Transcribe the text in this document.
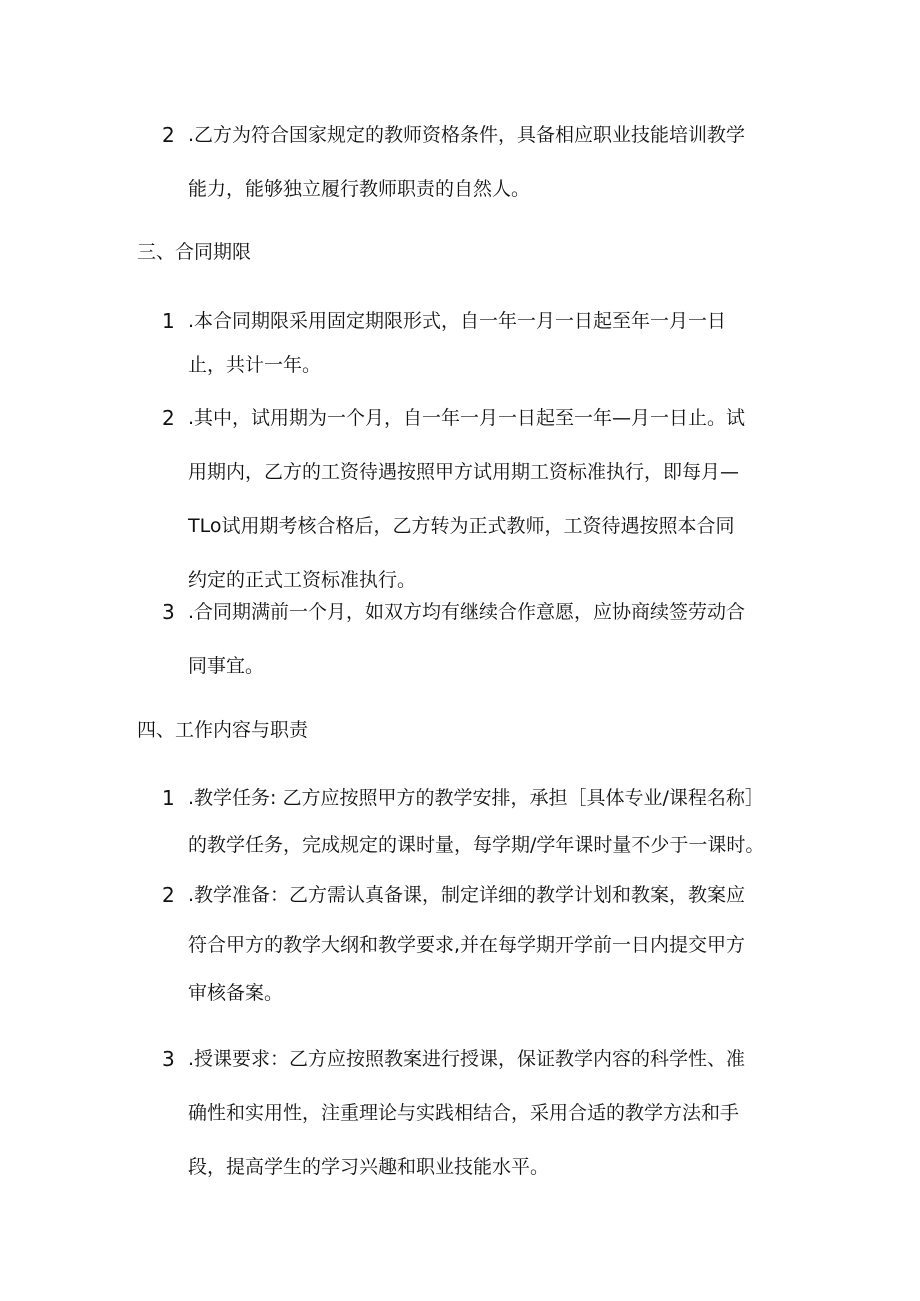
2 .乙方为符合国家规定的教师资格条件，具备相应职业技能培训教学
能力，能够独立履行教师职责的自然人。
三、合同期限
1 .本合同期限采用固定期限形式，自一年一月一日起至年一月一日
止，共计一年。
2 .其中，试用期为一个月，自一年一月一日起至一年—月一日止。试
用期内，乙方的工资待遇按照甲方试用期工资标准执行，即每月—
TLo试用期考核合格后，乙方转为正式教师，工资待遇按照本合同
约定的正式工资标准执行。
3 .合同期满前一个月，如双方均有继续合作意愿，应协商续签劳动合
同事宜。
四、工作内容与职责
1 .教学任务: 乙方应按照甲方的教学安排，承担［具体专业/课程名称］
的教学任务，完成规定的课时量，每学期/学年课时量不少于一课时。
2 .教学准备：乙方需认真备课，制定详细的教学计划和教案，教案应
符合甲方的教学大纲和教学要求,并在每学期开学前一日内提交甲方
审核备案。
3 .授课要求：乙方应按照教案进行授课，保证教学内容的科学性、准
确性和实用性，注重理论与实践相结合，采用合适的教学方法和手
段，提高学生的学习兴趣和职业技能水平。
